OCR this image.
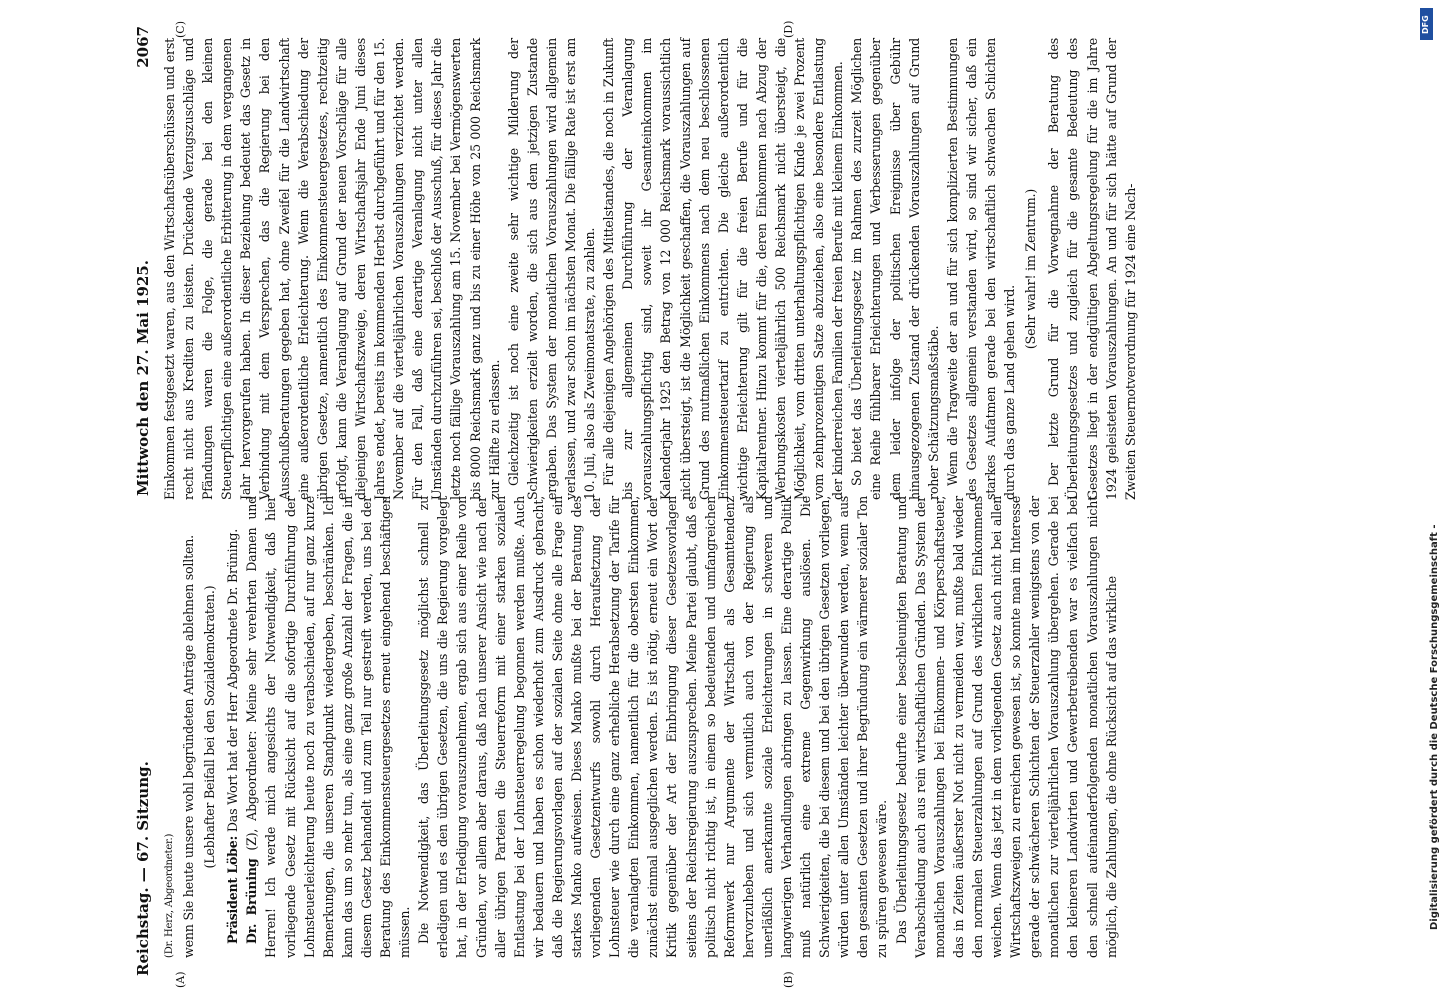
Reichstag. — 67. Sitzung.
Mittwoch den 27. Mai 1925.
2067
(A)	(B)
(C)	(D)

(Dr. Herz, Abgeordneter.) wenn Sie heute unsere wohl begründeten Anträge ablehnen sollten. (Lebhafter Beifall bei den Sozialdemokraten.)

Präsident Löbe: Das Wort hat der Herr Abgeordnete Dr. Brüning.

Dr. Brüning (Z), Abgeordneter: Meine sehr verehrten Damen und Herren! Ich werde mich angesichts der Notwendigkeit, daß hier vorliegende Gesetz mit Rücksicht auf die sofortige Durchführung der Lohnsteuerleichterung heute noch zu verabschieden, auf nur ganz kurze Bemerkungen, die unseren Standpunkt wiedergeben, beschränken. Ich kann das um so mehr tun, als eine ganz große Anzahl der Fragen, die in diesem Gesetz behandelt und zum Teil nur gestreift werden, uns bei der Beratung des Einkommensteuergesetzes erneut eingehend beschäftigen müssen. Die Notwendigkeit, das Überleitungsgesetz möglichst schnell zu erledigen und es den übrigen Gesetzen, die uns die Regierung vorgelegt hat, in der Erledigung vorauszunehmen, ergab sich aus einer Reihe von Gründen, vor allem aber daraus, daß nach unserer Ansicht wie nach der aller übrigen Parteien die Steuerreform mit einer starken sozialen Entlastung bei der Lohnsteuerregelung begonnen werden mußte. Auch wir bedauern und haben es schon wiederholt zum Ausdruck gebracht, daß die Regierungsvorlagen auf der sozialen Seite ohne alle Frage ein starkes Manko aufweisen. Dieses Manko mußte bei der Beratung des vorliegenden Gesetzentwurfs sowohl durch Heraufsetzung der Lohnsteuer wie durch eine ganz erhebliche Herabsetzung der Tarife für die veranlagten Einkommen, namentlich für die obersten Einkommen, zunächst einmal ausgeglichen werden. Es ist nötig, erneut ein Wort der Kritik gegenüber der Art der Einbringung dieser Gesetzesvorlagen seitens der Reichsregierung auszusprechen. Meine Partei glaubt, daß es politisch nicht richtig ist, in einem so bedeutenden und umfangreichen Reformwerk nur Argumente der Wirtschaft als Gesamttendenz hervorzuheben und sich vermutlich auch von der Regierung als unerläßlich anerkannte soziale Erleichterungen in schweren und langwierigen Verhandlungen abringen zu lassen. Eine derartige Politik muß natürlich eine extreme Gegenwirkung auslösen. Die Schwierigkeiten, die bei diesem und bei den übrigen Gesetzen vorliegen, würden unter allen Umständen leichter überwunden werden, wenn aus den gesamten Gesetzen und ihrer Begründung ein wärmerer sozialer Ton zu spüren gewesen wäre. Das Überleitungsgesetz bedurfte einer beschleunigten Beratung und Verabschiedung auch aus rein wirtschaftlichen Gründen. Das System der monatlichen Vorauszahlungen bei Einkommen- und Körperschaftsteuer, das in Zeiten äußerster Not nicht zu vermeiden war, mußte bald wieder den normalen Steuerzahlungen auf Grund des wirklichen Einkommens weichen. Wenn das jetzt in dem vorliegenden Gesetz auch nicht bei allen Wirtschaftszweigen zu erreichen gewesen ist, so konnte man im Interesse gerade der schwächeren Schichten der Steuerzahler wenigstens von der monatlichen zur vierteljährlichen Vorauszahlung übergehen. Gerade bei den kleineren Landwirten und Gewerbetreibenden war es vielfach bei den schnell aufeinanderfolgenden monatlichen Vorauszahlungen nicht möglich, die Zahlungen, die ohne Rücksicht auf das wirkliche

Einkommen festgesetzt waren, aus den Wirtschaftsüberschüssen und erst recht nicht aus Krediten zu leisten. Drückende Verzugszuschläge und Pfändungen waren die Folge, die gerade bei den kleinen Steuerpflichtigen eine außerordentliche Erbitterung in dem vergangenen Jahr hervorgerufen haben. In dieser Beziehung bedeutet das Gesetz in Verbindung mit dem Versprechen, das die Regierung bei den Ausschußberatungen gegeben hat, ohne Zweifel für die Landwirtschaft eine außerordentliche Erleichterung. Wenn die Verabschiedung der übrigen Gesetze, namentlich des Einkommensteuergesetzes, rechtzeitig erfolgt, kann die Veranlagung auf Grund der neuen Vorschläge für alle diejenigen Wirtschaftszweige, deren Wirtschaftsjahr Ende Juni dieses Jahres endet, bereits im kommenden Herbst durchgeführt und für den 15. November auf die vierteljährlichen Vorauszahlungen verzichtet werden. Für den Fall, daß eine derartige Veranlagung nicht unter allen Umständen durchzuführen sei, beschloß der Ausschuß, für dieses Jahr die letzte noch fällige Vorauszahlung am 15. November bei Vermögenswerten bis 8000 Reichsmark ganz und bis zu einer Höhe von 25 000 Reichsmark zur Hälfte zu erlassen. Gleichzeitig ist noch eine zweite sehr wichtige Milderung der Schwierigkeiten erzielt worden, die sich aus dem jetzigen Zustande ergaben. Das System der monatlichen Vorauszahlungen wird allgemein verlassen, und zwar schon im nächsten Monat. Die fällige Rate ist erst am 10. Juli, also als Zweimonatsrate, zu zahlen. Für alle diejenigen Angehörigen des Mittelstandes, die noch in Zukunft bis zur allgemeinen Durchführung der Veranlagung vorauszahlungspflichtig sind, soweit ihr Gesamteinkommen im Kalenderjahr 1925 den Betrag von 12 000 Reichsmark voraussichtlich nicht übersteigt, ist die Möglichkeit geschaffen, die Vorauszahlungen auf Grund des mutmaßlichen Einkommens nach dem neu beschlossenen Einkommensteuertarif zu entrichten. Die gleiche außerordentlich wichtige Erleichterung gilt für die freien Berufe und für die Kapitalrentner. Hinzu kommt für die, deren Einkommen nach Abzug der Werbungskosten vierteljährlich 500 Reichsmark nicht übersteigt, die Möglichkeit, vom dritten unterhaltungspflichtigen Kinde je zwei Prozent vom zehnprozentigen Satze abzuziehen, also eine besondere Entlastung der kinderreichen Familien der freien Berufe mit kleinem Einkommen. So bietet das Überleitungsgesetz im Rahmen des zurzeit Möglichen eine Reihe fühlbarer Erleichterungen und Verbesserungen gegenüber dem leider infolge der politischen Ereignisse über Gebühr hinausgezogenen Zustand der drückenden Vorauszahlungen auf Grund roher Schätzungsmaßstäbe. Wenn die Tragweite der an und für sich komplizierten Bestimmungen des Gesetzes allgemein verstanden wird, so sind wir sicher, daß ein starkes Aufatmen gerade bei den wirtschaftlich schwachen Schichten durch das ganze Land gehen wird.

(Sehr wahr! im Zentrum.) Der letzte Grund für die Vorwegnahme der Beratung des Überleitungsgesetzes und zugleich für die gesamte Bedeutung des Gesetzes liegt in der endgültigen Abgeltungsregelung für die im Jahre 1924 geleisteten Vorauszahlungen. An und für sich hätte auf Grund der Zweiten Steuernotverordnung für 1924 eine Nach-

DFG
Digitalisierung gefördert durch die Deutsche Forschungsgemeinschaft -
